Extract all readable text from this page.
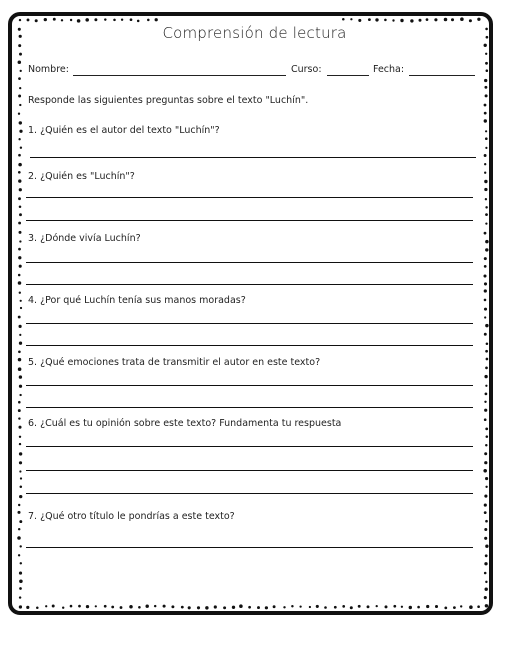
Comprensión de lectura
Nombre:	Curso:	Fecha:
Responde las siguientes preguntas sobre el texto "Luchín".
1. ¿Quién es el autor del texto "Luchín"?
2. ¿Quién es "Luchín"?
3. ¿Dónde vivía Luchín?
4. ¿Por qué Luchín tenía sus manos moradas?
5. ¿Qué emociones trata de transmitir el autor en este texto?
6. ¿Cuál es tu opinión sobre este texto? Fundamenta tu respuesta
7. ¿Qué otro título le pondrías a este texto?
